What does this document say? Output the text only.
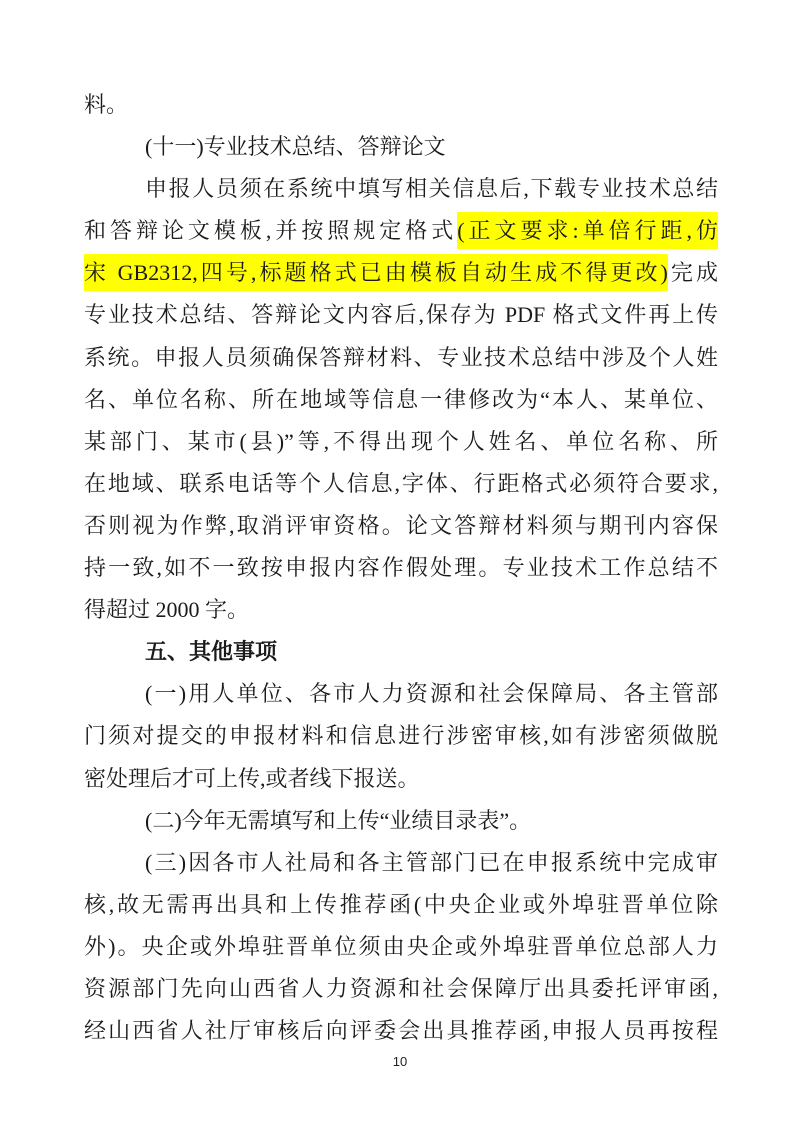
料。
(十一)专业技术总结、答辩论文
申报人员须在系统中填写相关信息后,下载专业技术总结
和答辩论文模板,并按照规定格式(正文要求:单倍行距,仿
宋 GB2312,四号,标题格式已由模板自动生成不得更改)完成
专业技术总结、答辩论文内容后,保存为 PDF 格式文件再上传
系统。申报人员须确保答辩材料、专业技术总结中涉及个人姓
名、单位名称、所在地域等信息一律修改为“本人、某单位、
某部门、某市(县)”等,不得出现个人姓名、单位名称、所
在地域、联系电话等个人信息,字体、行距格式必须符合要求,
否则视为作弊,取消评审资格。论文答辩材料须与期刊内容保
持一致,如不一致按申报内容作假处理。专业技术工作总结不
得超过 2000 字。
五、其他事项
(一)用人单位、各市人力资源和社会保障局、各主管部
门须对提交的申报材料和信息进行涉密审核,如有涉密须做脱
密处理后才可上传,或者线下报送。
(二)今年无需填写和上传“业绩目录表”。
(三)因各市人社局和各主管部门已在申报系统中完成审
核,故无需再出具和上传推荐函(中央企业或外埠驻晋单位除
外)。央企或外埠驻晋单位须由央企或外埠驻晋单位总部人力
资源部门先向山西省人力资源和社会保障厅出具委托评审函,
经山西省人社厅审核后向评委会出具推荐函,申报人员再按程
10
